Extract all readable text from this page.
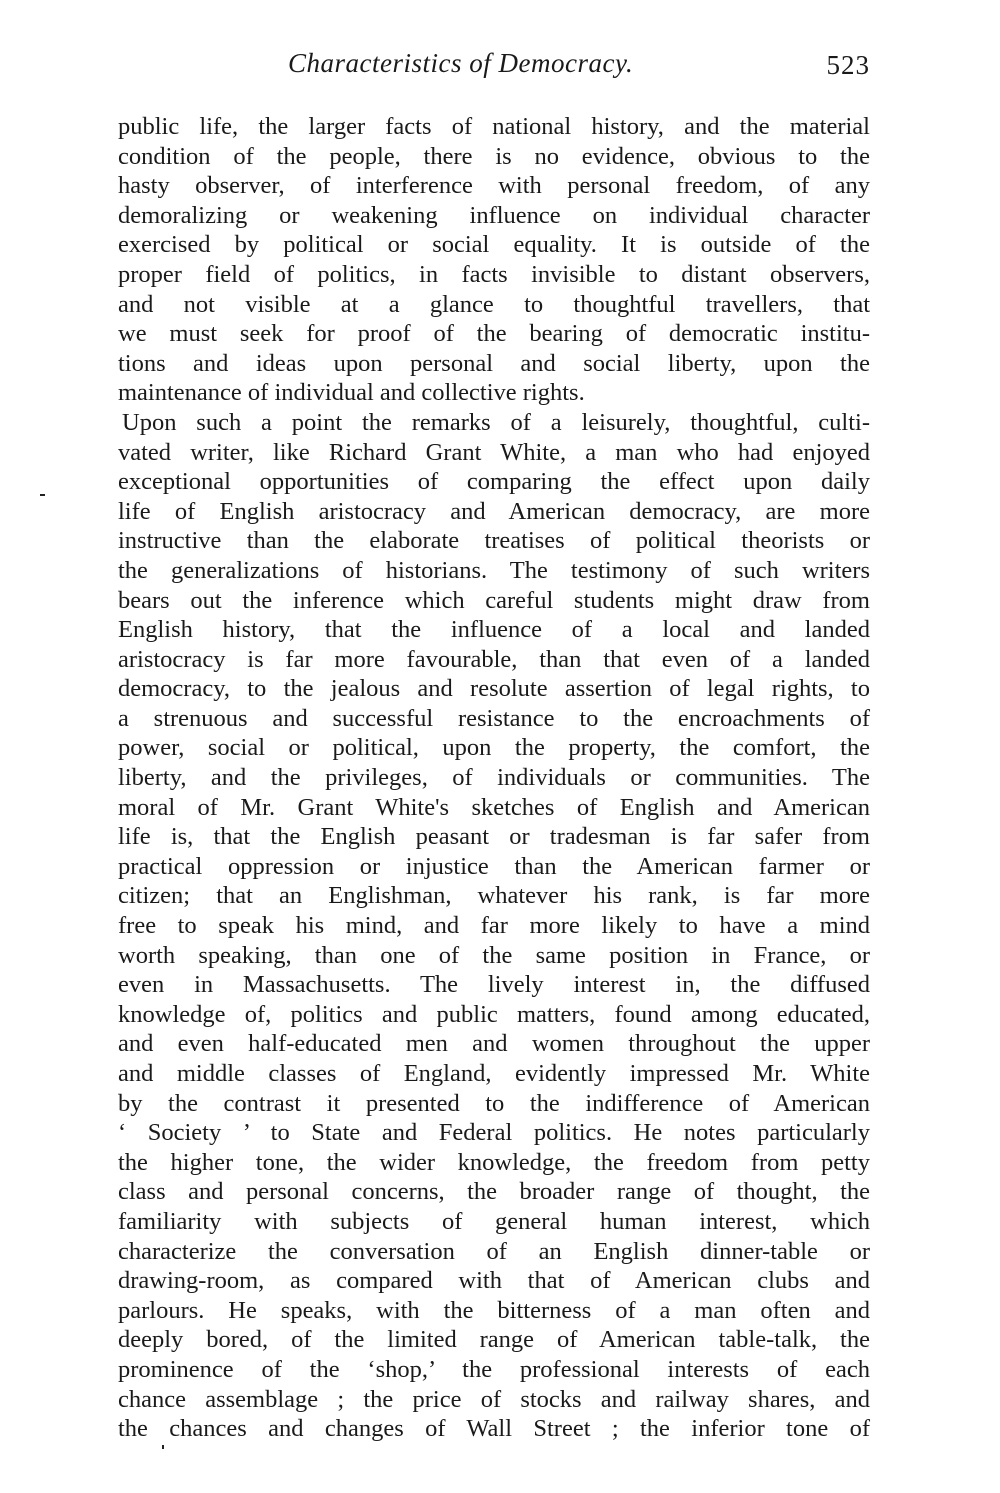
Characteristics of Democracy.	523
public life, the larger facts of national history, and the material
condition of the people, there is no evidence, obvious to the
hasty observer, of interference with personal freedom, of any
demoralizing or weakening influence on individual character
exercised by political or social equality. It is outside of the
proper field of politics, in facts invisible to distant observers,
and not visible at a glance to thoughtful travellers, that
we must seek for proof of the bearing of democratic institu-
tions and ideas upon personal and social liberty, upon the
maintenance of individual and collective rights.
Upon such a point the remarks of a leisurely, thoughtful, culti-
vated writer, like Richard Grant White, a man who had enjoyed
exceptional opportunities of comparing the effect upon daily
life of English aristocracy and American democracy, are more
instructive than the elaborate treatises of political theorists or
the generalizations of historians. The testimony of such writers
bears out the inference which careful students might draw from
English history, that the influence of a local and landed
aristocracy is far more favourable, than that even of a landed
democracy, to the jealous and resolute assertion of legal rights, to
a strenuous and successful resistance to the encroachments of
power, social or political, upon the property, the comfort, the
liberty, and the privileges, of individuals or communities. The
moral of Mr. Grant White's sketches of English and American
life is, that the English peasant or tradesman is far safer from
practical oppression or injustice than the American farmer or
citizen; that an Englishman, whatever his rank, is far more
free to speak his mind, and far more likely to have a mind
worth speaking, than one of the same position in France, or
even in Massachusetts. The lively interest in, the diffused
knowledge of, politics and public matters, found among educated,
and even half-educated men and women throughout the upper
and middle classes of England, evidently impressed Mr. White
by the contrast it presented to the indifference of American
‘ Society ’ to State and Federal politics. He notes particularly
the higher tone, the wider knowledge, the freedom from petty
class and personal concerns, the broader range of thought, the
familiarity with subjects of general human interest, which
characterize the conversation of an English dinner-table or
drawing-room, as compared with that of American clubs and
parlours. He speaks, with the bitterness of a man often and
deeply bored, of the limited range of American table-talk, the
prominence of the ‘shop,’ the professional interests of each
chance assemblage ; the price of stocks and railway shares, and
the chances and changes of Wall Street ; the inferior tone of
